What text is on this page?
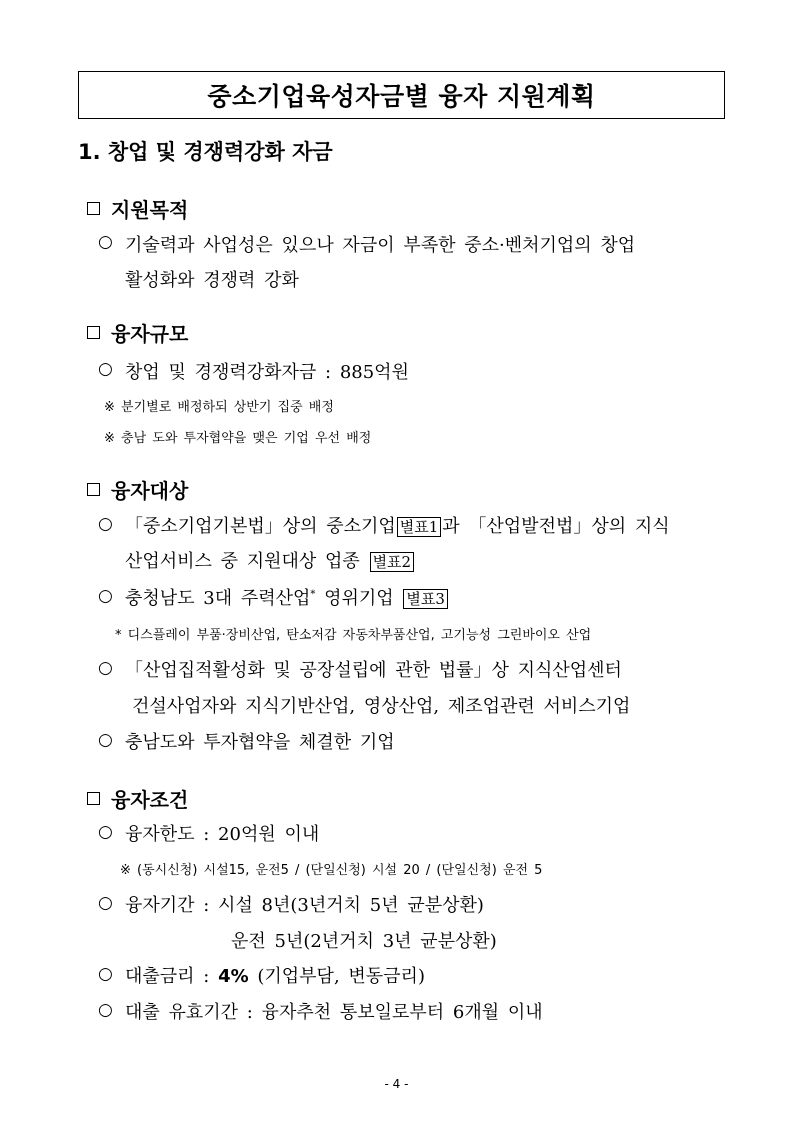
중소기업육성자금별 융자 지원계획
1. 창업 및 경쟁력강화 자금
지원목적
○ 기술력과 사업성은 있으나 자금이 부족한 중소·벤처기업의 창업
활성화와 경쟁력 강화
융자규모
○ 창업 및 경쟁력강화자금 : 885억원
※ 분기별로 배정하되 상반기 집중 배정
※ 충남 도와 투자협약을 맺은 기업 우선 배정
융자대상
○ 「중소기업기본법」상의 중소기업 별표1 과 「산업발전법」상의 지식
산업서비스 중 지원대상 업종 별표2
○ 충청남도 3대 주력산업* 영위기업 별표3
* 디스플레이 부품·장비산업, 탄소저감 자동차부품산업, 고기능성 그린바이오 산업
○ 「산업집적활성화 및 공장설립에 관한 법률」상 지식산업센터
건설사업자와 지식기반산업, 영상산업, 제조업관련 서비스기업
○ 충남도와 투자협약을 체결한 기업
융자조건
○ 융자한도 : 20억원 이내
※ (동시신청) 시설15, 운전5 / (단일신청) 시설 20 / (단일신청) 운전 5
○ 융자기간 : 시설 8년(3년거치 5년 균분상환)
운전 5년(2년거치 3년 균분상환)
○ 대출금리 : 4% (기업부담, 변동금리)
○ 대출 유효기간 : 융자추천 통보일로부터 6개월 이내
- 4 -
